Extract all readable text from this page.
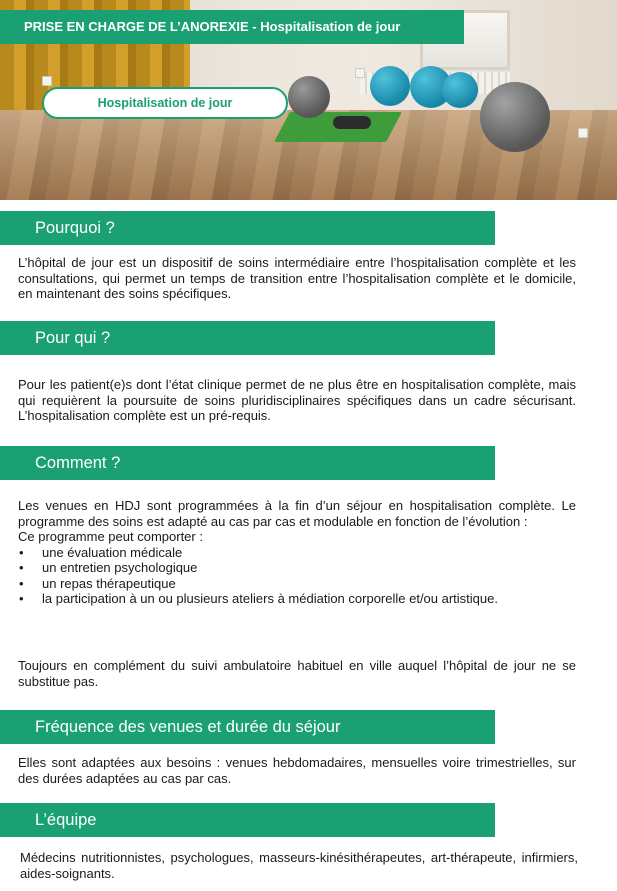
PRISE EN CHARGE DE L’ANOREXIE - Hospitalisation de jour
Hospitalisation de jour
Pourquoi ?
L’hôpital de jour est un dispositif de soins intermédiaire entre l’hospitalisation complète et les consultations, qui permet un temps de transition entre l’hospitalisation complète et le domicile, en maintenant des soins spécifiques.
Pour qui ?
Pour les patient(e)s dont l’état clinique permet de ne plus être en hospitalisation complète, mais qui requièrent la poursuite de soins pluridisciplinaires spécifiques dans un cadre sécurisant. L’hospitalisation complète est un pré-requis.
Comment ?
Les venues en HDJ sont programmées à la fin d’un séjour en hospitalisation complète. Le programme des soins est adapté au cas par cas et modulable en fonction de l’évolution :
Ce programme peut comporter :
• une évaluation médicale
• un entretien psychologique
• un repas thérapeutique
• la participation à un ou plusieurs ateliers à médiation corporelle et/ou artistique.
Toujours en complément du suivi ambulatoire habituel en ville auquel l’hôpital de jour ne se substitue pas.
Fréquence des venues et durée du séjour
Elles sont adaptées aux besoins : venues hebdomadaires, mensuelles voire trimestrielles, sur des durées adaptées au cas par cas.
L’équipe
Médecins nutritionnistes, psychologues, masseurs-kinésithérapeutes, art-thérapeute, infirmiers, aides-soignants.
